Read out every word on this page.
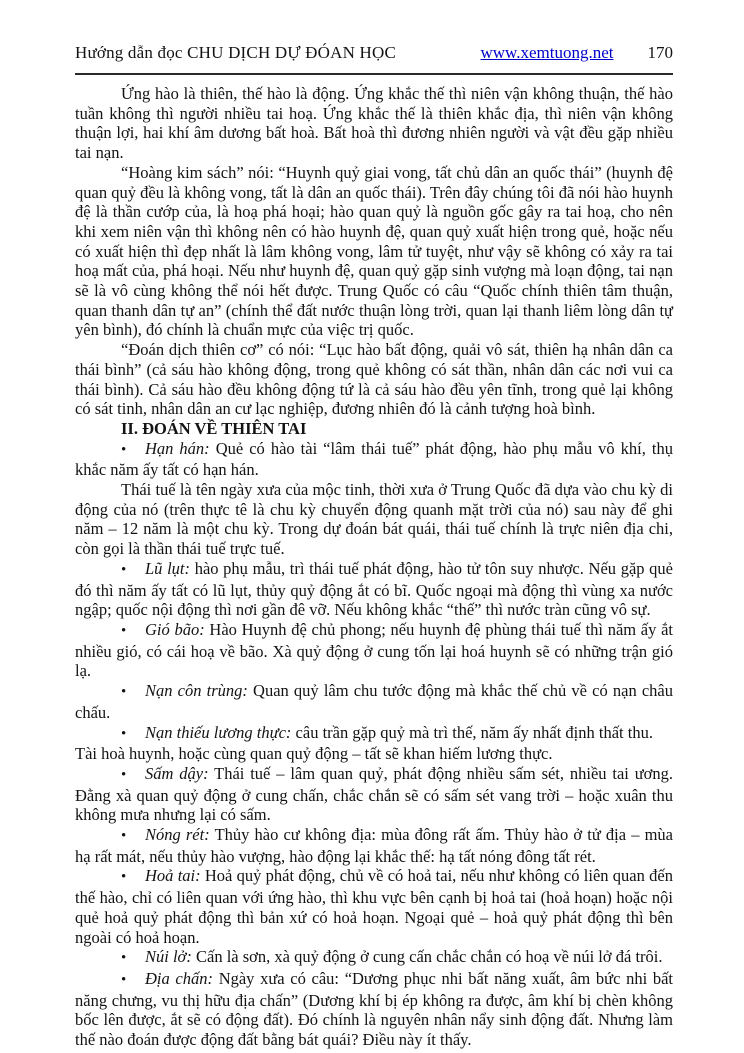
Hướng dẫn đọc CHU DỊCH DỰ ĐÓAN HỌC	www.xemtuong.net 170

Ứng hào là thiên, thế hào là động. Ứng khắc thế thì niên vận không thuận, thế hào tuần không thì người nhiều tai hoạ. Ứng khắc thế là thiên khắc địa, thì niên vận không thuận lợi, hai khí âm dương bất hoà. Bất hoà thì đương nhiên người và vật đều gặp nhiều tai nạn.

“Hoàng kim sách” nói: “Huynh quỷ giai vong, tất chủ dân an quốc thái” (huynh đệ quan quỷ đều là không vong, tất là dân an quốc thái). Trên đây chúng tôi đã nói hào huynh đệ là thần cướp của, là hoạ phá hoại; hào quan quỷ là nguồn gốc gây ra tai hoạ, cho nên khi xem niên vận thì không nên có hào huynh đệ, quan quỷ xuất hiện trong quẻ, hoặc nếu có xuất hiện thì đẹp nhất là lâm không vong, lâm tử tuyệt, như vậy sẽ không có xảy ra tai hoạ mất của, phá hoại. Nếu như huynh đệ, quan quỷ gặp sinh vượng mà loạn động, tai nạn sẽ là vô cùng không thể nói hết được. Trung Quốc có câu “Quốc chính thiên tâm thuận, quan thanh dân tự an” (chính thể đất nước thuận lòng trời, quan lại thanh liêm lòng dân tự yên bình), đó chính là chuẩn mực của việc trị quốc.

“Đoán dịch thiên cơ” có nói: “Lục hào bất động, quải vô sát, thiên hạ nhân dân ca thái bình” (cả sáu hào không động, trong quẻ không có sát thần, nhân dân các nơi vui ca thái bình). Cả sáu hào đều không động tứ là cả sáu hào đều yên tĩnh, trong quẻ lại không có sát tinh, nhân dân an cư lạc nghiệp, đương nhiên đó là cảnh tượng hoà bình.

II. ĐOÁN VỀ THIÊN TAI

• Hạn hán: Quẻ có hào tài “lâm thái tuế” phát động, hào phụ mẫu vô khí, thụ khắc năm ấy tất có hạn hán.

Thái tuế là tên ngày xưa của mộc tinh, thời xưa ở Trung Quốc đã dựa vào chu kỳ di động của nó (trên thực tê là chu kỳ chuyển động quanh mặt trời của nó) sau này để ghi năm – 12 năm là một chu kỳ. Trong dự đoán bát quái, thái tuế chính là trực niên địa chi, còn gọi là thần thái tuế trực tuế.

• Lũ lụt: hào phụ mẫu, trì thái tuế phát động, hào tử tôn suy nhược. Nếu gặp quẻ đó thì năm ấy tất có lũ lụt, thủy quỷ động ắt có bĩ. Quốc ngoại mà động thì vùng xa nước ngập; quốc nội động thì nơi gần đê vỡ. Nếu không khắc “thế” thì nước tràn cũng vô sự.

• Gió bão: Hào Huynh đệ chủ phong; nếu huynh đệ phùng thái tuế thì năm ấy ắt nhiều gió, có cái hoạ về bão. Xà quỷ động ở cung tốn lại hoá huynh sẽ có những trận gió lạ.

• Nạn côn trùng: Quan quỷ lâm chu tước động mà khắc thế chủ về có nạn châu chấu.

• Nạn thiếu lương thực: câu trần gặp quỷ mà trì thế, năm ấy nhất định thất thu.

Tài hoà huynh, hoặc cùng quan quỷ động – tất sẽ khan hiếm lương thực.

• Sấm dậy: Thái tuế – lâm quan quỷ, phát động nhiều sấm sét, nhiều tai ương. Đằng xà quan quỷ động ở cung chấn, chắc chắn sẽ có sấm sét vang trời – hoặc xuân thu không mưa nhưng lại có sấm.

• Nóng rét: Thủy hào cư không địa: mùa đông rất ấm. Thủy hào ở tử địa – mùa hạ rất mát, nếu thủy hào vượng, hào động lại khắc thế: hạ tất nóng đông tất rét.

• Hoả tai: Hoả quỷ phát động, chủ về có hoả tai, nếu như không có liên quan đến thế hào, chỉ có liên quan với ứng hào, thì khu vực bên cạnh bị hoả tai (hoả hoạn) hoặc nội quẻ hoả quỷ phát động thì bản xứ có hoả hoạn. Ngoại quẻ – hoả quỷ phát động thì bên ngoài có hoả hoạn.

• Núi lở: Cấn là sơn, xà quỷ động ở cung cấn chắc chắn có hoạ về núi lở đá trôi.

• Địa chấn: Ngày xưa có câu: “Dương phục nhi bất năng xuất, âm bức nhi bất năng chưng, vu thị hữu địa chấn” (Dương khí bị ép không ra được, âm khí bị chèn không bốc lên được, ắt sẽ có động đất). Đó chính là nguyên nhân nẩy sinh động đất. Nhưng làm thế nào đoán được động đất bằng bát quái? Điều này ít thấy.
